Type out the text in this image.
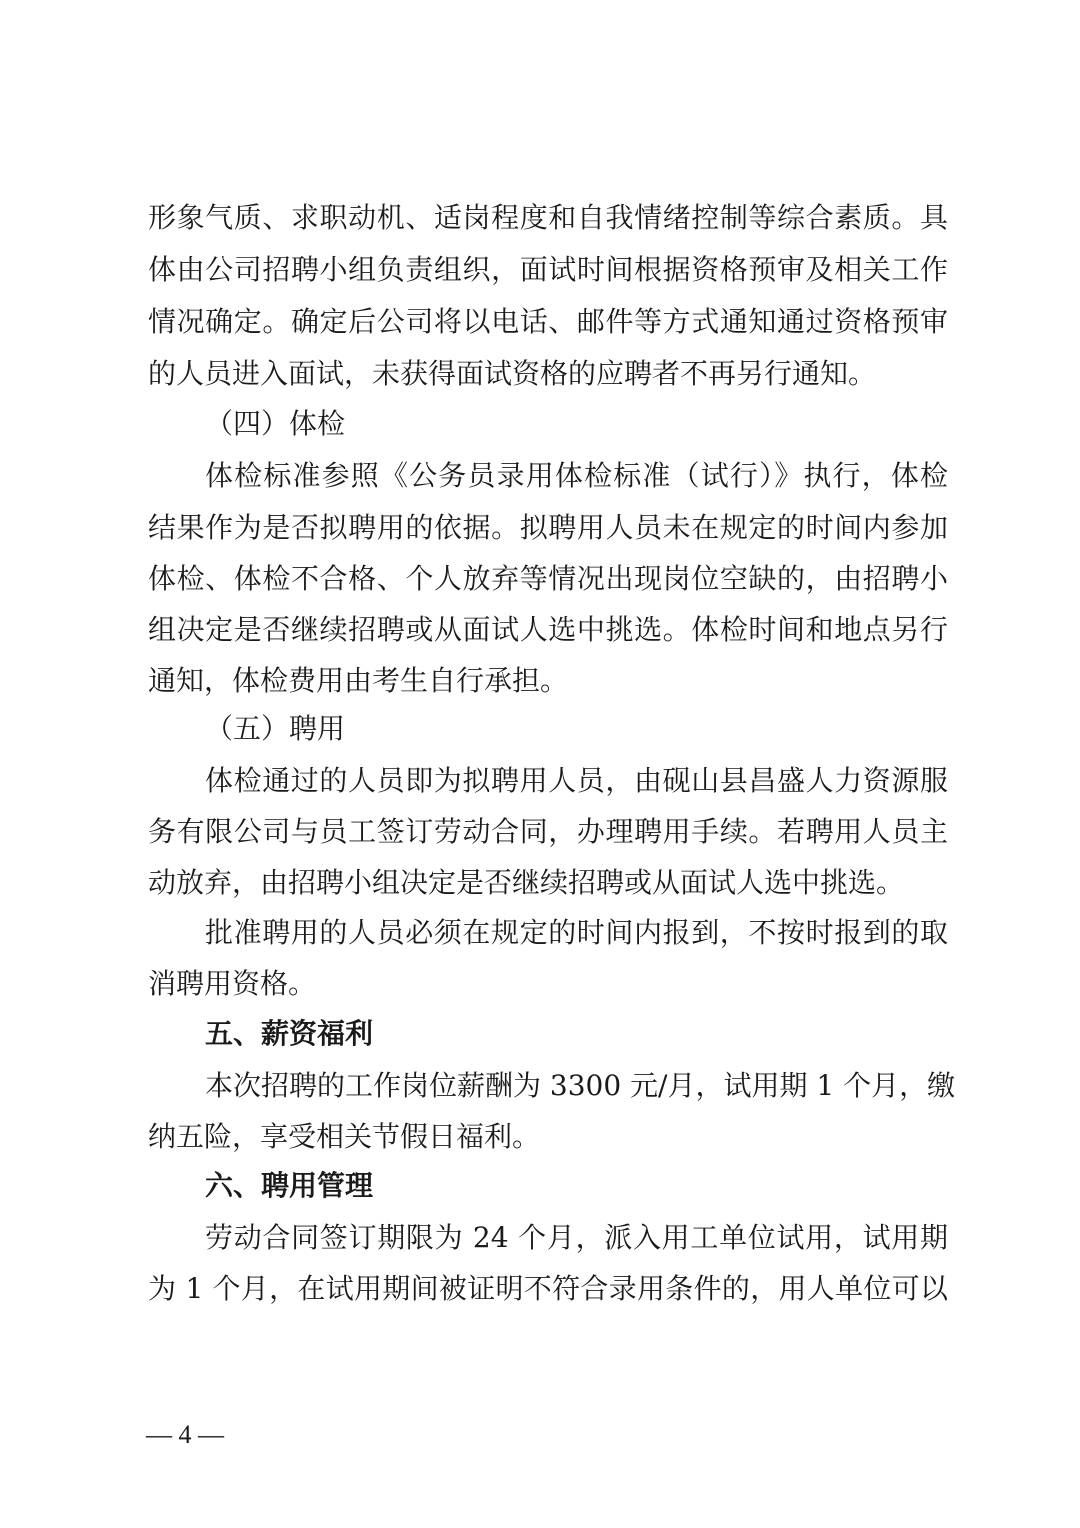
形象气质、求职动机、适岗程度和自我情绪控制等综合素质。具
体由公司招聘小组负责组织，面试时间根据资格预审及相关工作
情况确定。确定后公司将以电话、邮件等方式通知通过资格预审
的人员进入面试，未获得面试资格的应聘者不再另行通知。
（四）体检
体检标准参照《公务员录用体检标准（试行）》执行，体检
结果作为是否拟聘用的依据。拟聘用人员未在规定的时间内参加
体检、体检不合格、个人放弃等情况出现岗位空缺的，由招聘小
组决定是否继续招聘或从面试人选中挑选。体检时间和地点另行
通知，体检费用由考生自行承担。
（五）聘用
体检通过的人员即为拟聘用人员，由砚山县昌盛人力资源服
务有限公司与员工签订劳动合同，办理聘用手续。若聘用人员主
动放弃，由招聘小组决定是否继续招聘或从面试人选中挑选。
批准聘用的人员必须在规定的时间内报到，不按时报到的取
消聘用资格。
五、薪资福利
本次招聘的工作岗位薪酬为 3300 元/月，试用期 1 个月，缴
纳五险，享受相关节假日福利。
六、聘用管理
劳动合同签订期限为 24 个月，派入用工单位试用，试用期
为 1 个月，在试用期间被证明不符合录用条件的，用人单位可以
— 4 —
